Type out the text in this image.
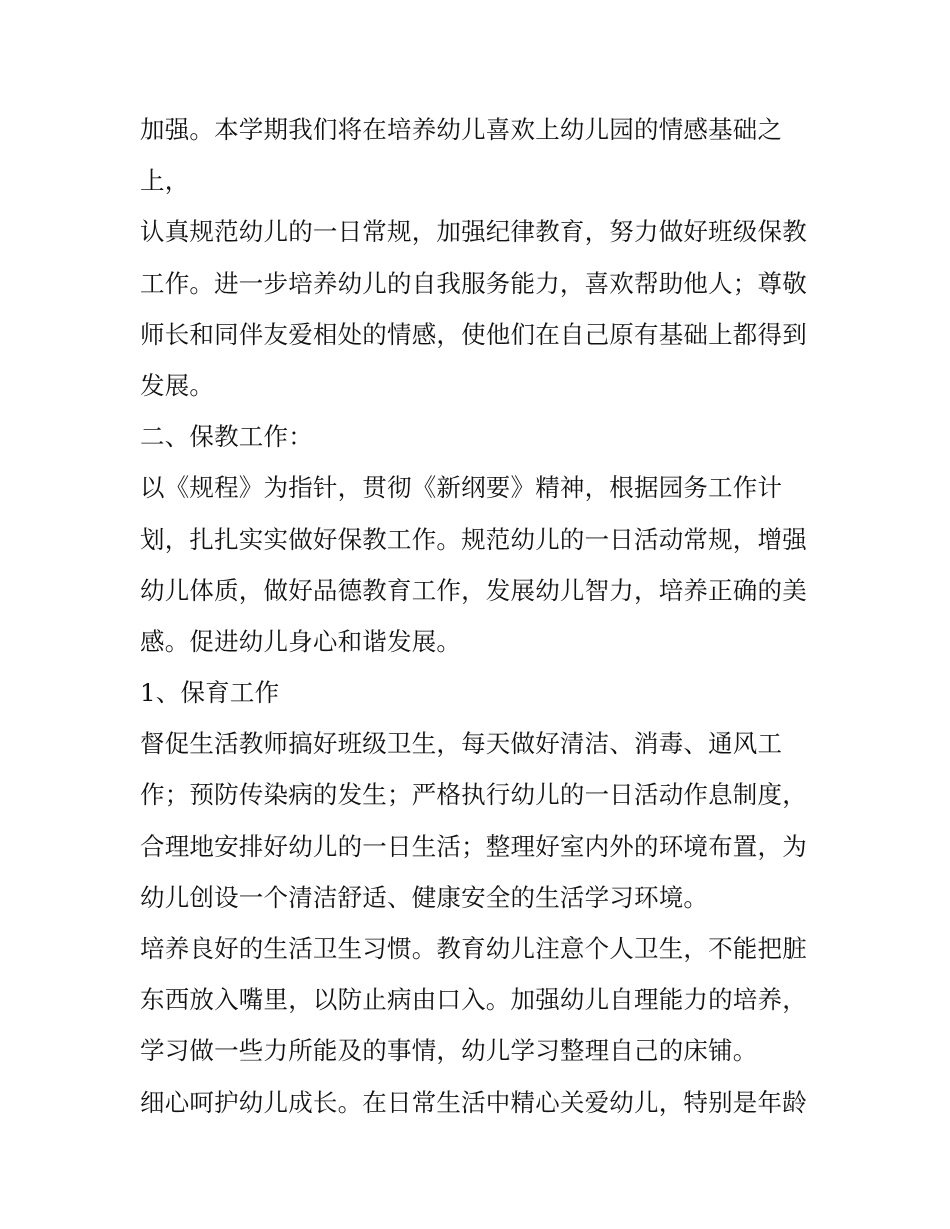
加强。本学期我们将在培养幼儿喜欢上幼儿园的情感基础之
上，
认真规范幼儿的一日常规，加强纪律教育，努力做好班级保教
工作。进一步培养幼儿的自我服务能力，喜欢帮助他人；尊敬
师长和同伴友爱相处的情感，使他们在自己原有基础上都得到
发展。
二、保教工作：
以《规程》为指针，贯彻《新纲要》精神，根据园务工作计
划，扎扎实实做好保教工作。规范幼儿的一日活动常规，增强
幼儿体质，做好品德教育工作，发展幼儿智力，培养正确的美
感。促进幼儿身心和谐发展。
1、保育工作
督促生活教师搞好班级卫生，每天做好清洁、消毒、通风工
作；预防传染病的发生；严格执行幼儿的一日活动作息制度，
合理地安排好幼儿的一日生活；整理好室内外的环境布置，为
幼儿创设一个清洁舒适、健康安全的生活学习环境。
培养良好的生活卫生习惯。教育幼儿注意个人卫生，不能把脏
东西放入嘴里，以防止病由口入。加强幼儿自理能力的培养，
学习做一些力所能及的事情，幼儿学习整理自己的床铺。
细心呵护幼儿成长。在日常生活中精心关爱幼儿，特别是年龄
